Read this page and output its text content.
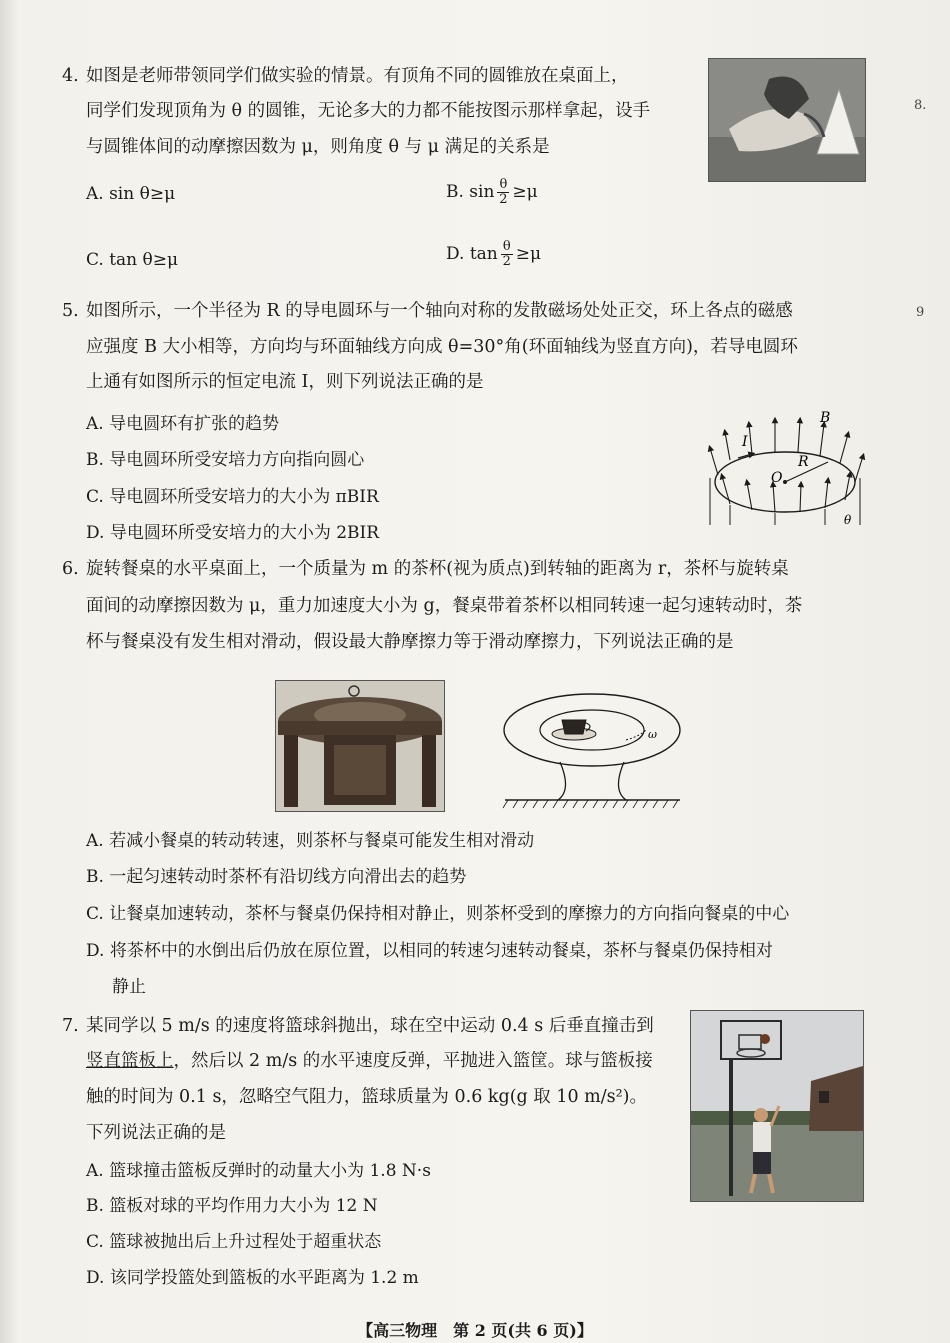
8.
9
4. 如图是老师带领同学们做实验的情景。有顶角不同的圆锥放在桌面上，
同学们发现顶角为 θ 的圆锥，无论多大的力都不能按图示那样拿起，设手
与圆锥体间的动摩擦因数为 μ，则角度 θ 与 μ 满足的关系是
A. sin θ≥μ	B. $\sin \frac{\theta}{2} \ge\mu$
C. tan θ≥μ	D. $\tan \frac{\theta}{2} \ge\mu$
5. 如图所示，一个半径为 R 的导电圆环与一个轴向对称的发散磁场处处正交，环上各点的磁感
应强度 B 大小相等，方向均与环面轴线方向成 θ=30°角(环面轴线为竖直方向)，若导电圆环
上通有如图所示的恒定电流 I，则下列说法正确的是
A. 导电圆环有扩张的趋势
B. 导电圆环所受安培力方向指向圆心
C. 导电圆环所受安培力的大小为 πBIR
D. 导电圆环所受安培力的大小为 2BIR
I
B
O
R
θ
6. 旋转餐桌的水平桌面上，一个质量为 m 的茶杯(视为质点)到转轴的距离为 r，茶杯与旋转桌
面间的动摩擦因数为 μ，重力加速度大小为 g，餐桌带着茶杯以相同转速一起匀速转动时，茶
杯与餐桌没有发生相对滑动，假设最大静摩擦力等于滑动摩擦力，下列说法正确的是
ω
A. 若减小餐桌的转动转速，则茶杯与餐桌可能发生相对滑动
B. 一起匀速转动时茶杯有沿切线方向滑出去的趋势
C. 让餐桌加速转动，茶杯与餐桌仍保持相对静止，则茶杯受到的摩擦力的方向指向餐桌的中心
D. 将茶杯中的水倒出后仍放在原位置，以相同的转速匀速转动餐桌，茶杯与餐桌仍保持相对
静止
7. 某同学以 5 m/s 的速度将篮球斜抛出，球在空中运动 0.4 s 后垂直撞击到
竖直篮板上，然后以 2 m/s 的水平速度反弹，平抛进入篮筐。球与篮板接
触的时间为 0.1 s，忽略空气阻力，篮球质量为 0.6 kg(g 取 10 m/s²)。
下列说法正确的是
A. 篮球撞击篮板反弹时的动量大小为 1.8 N·s
B. 篮板对球的平均作用力大小为 12 N
C. 篮球被抛出后上升过程处于超重状态
D. 该同学投篮处到篮板的水平距离为 1.2 m
【高三物理　第 2 页(共 6 页)】
